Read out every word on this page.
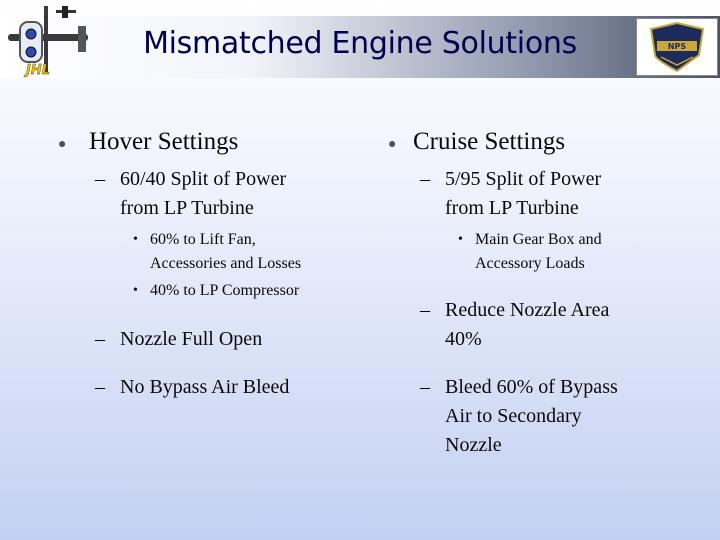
JHL
Mismatched Engine Solutions	NPS
● Hover Settings
– 60/40 Split of Power
from LP Turbine
• 60% to Lift Fan,
Accessories and Losses
• 40% to LP Compressor
– Nozzle Full Open
– No Bypass Air Bleed
● Cruise Settings
– 5/95 Split of Power
from LP Turbine
• Main Gear Box and
Accessory Loads
– Reduce Nozzle Area
40%
– Bleed 60% of Bypass
Air to Secondary
Nozzle
